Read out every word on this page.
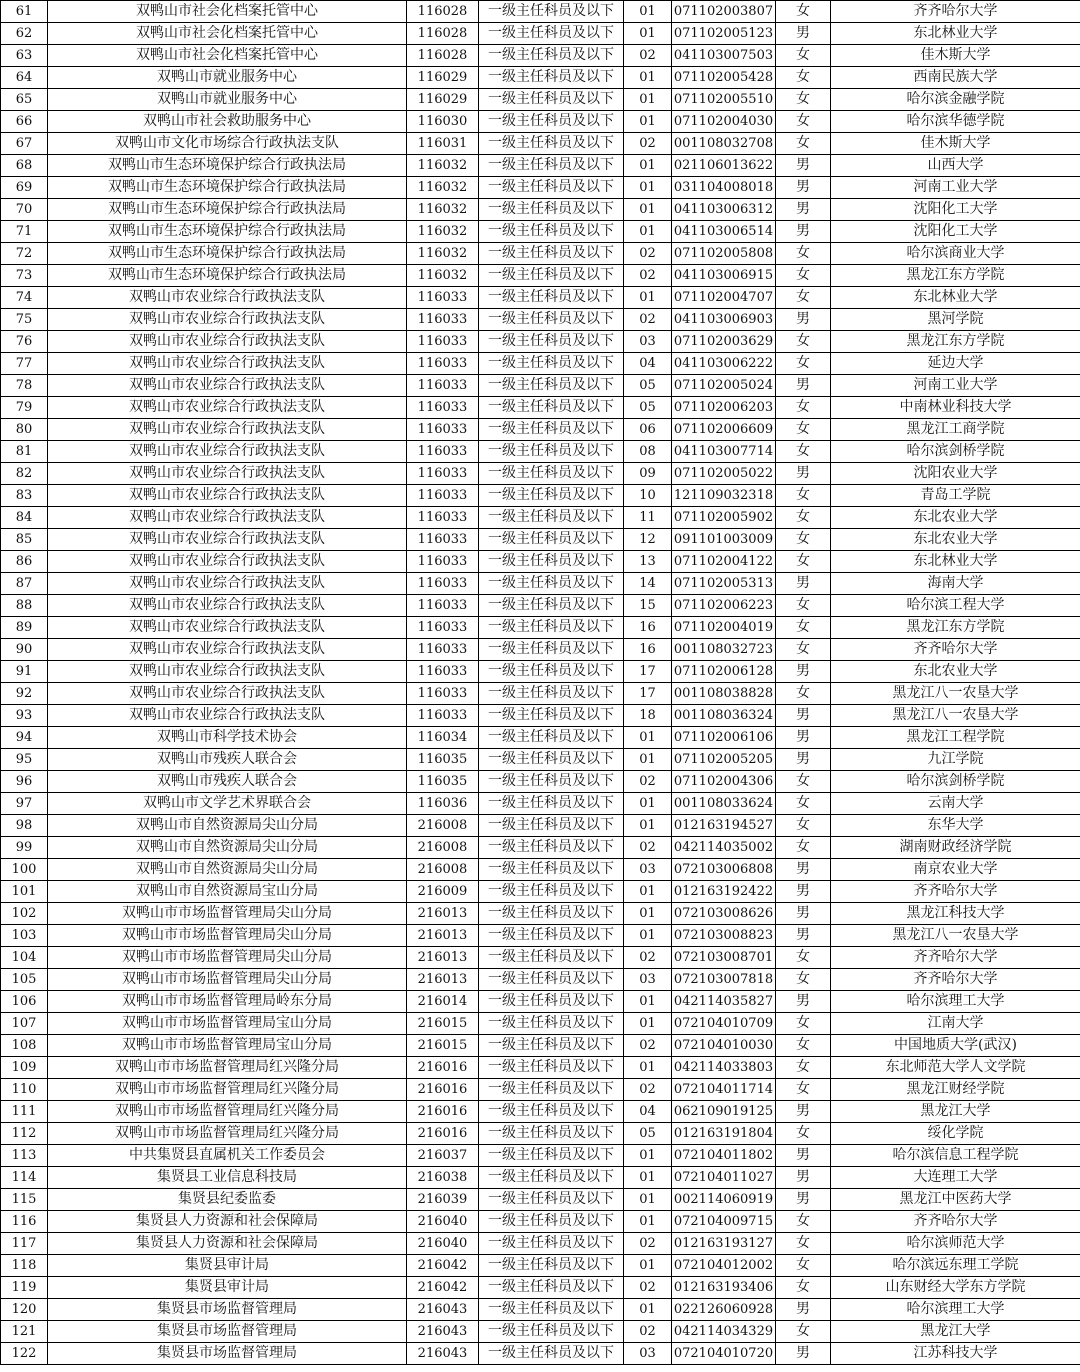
61	双鸭山市社会化档案托管中心	116028	一级主任科员及以下	01	071102003807	女	齐齐哈尔大学
62	双鸭山市社会化档案托管中心	116028	一级主任科员及以下	01	071102005123	男	东北林业大学
63	双鸭山市社会化档案托管中心	116028	一级主任科员及以下	02	041103007503	女	佳木斯大学
64	双鸭山市就业服务中心	116029	一级主任科员及以下	01	071102005428	女	西南民族大学
65	双鸭山市就业服务中心	116029	一级主任科员及以下	01	071102005510	女	哈尔滨金融学院
66	双鸭山市社会救助服务中心	116030	一级主任科员及以下	01	071102004030	女	哈尔滨华德学院
67	双鸭山市文化市场综合行政执法支队	116031	一级主任科员及以下	02	001108032708	女	佳木斯大学
68	双鸭山市生态环境保护综合行政执法局	116032	一级主任科员及以下	01	021106013622	男	山西大学
69	双鸭山市生态环境保护综合行政执法局	116032	一级主任科员及以下	01	031104008018	男	河南工业大学
70	双鸭山市生态环境保护综合行政执法局	116032	一级主任科员及以下	01	041103006312	男	沈阳化工大学
71	双鸭山市生态环境保护综合行政执法局	116032	一级主任科员及以下	01	041103006514	男	沈阳化工大学
72	双鸭山市生态环境保护综合行政执法局	116032	一级主任科员及以下	02	071102005808	女	哈尔滨商业大学
73	双鸭山市生态环境保护综合行政执法局	116032	一级主任科员及以下	02	041103006915	女	黑龙江东方学院
74	双鸭山市农业综合行政执法支队	116033	一级主任科员及以下	01	071102004707	女	东北林业大学
75	双鸭山市农业综合行政执法支队	116033	一级主任科员及以下	02	041103006903	男	黑河学院
76	双鸭山市农业综合行政执法支队	116033	一级主任科员及以下	03	071102003629	女	黑龙江东方学院
77	双鸭山市农业综合行政执法支队	116033	一级主任科员及以下	04	041103006222	女	延边大学
78	双鸭山市农业综合行政执法支队	116033	一级主任科员及以下	05	071102005024	男	河南工业大学
79	双鸭山市农业综合行政执法支队	116033	一级主任科员及以下	05	071102006203	女	中南林业科技大学
80	双鸭山市农业综合行政执法支队	116033	一级主任科员及以下	06	071102006609	女	黑龙江工商学院
81	双鸭山市农业综合行政执法支队	116033	一级主任科员及以下	08	041103007714	女	哈尔滨剑桥学院
82	双鸭山市农业综合行政执法支队	116033	一级主任科员及以下	09	071102005022	男	沈阳农业大学
83	双鸭山市农业综合行政执法支队	116033	一级主任科员及以下	10	121109032318	女	青岛工学院
84	双鸭山市农业综合行政执法支队	116033	一级主任科员及以下	11	071102005902	女	东北农业大学
85	双鸭山市农业综合行政执法支队	116033	一级主任科员及以下	12	091101003009	女	东北农业大学
86	双鸭山市农业综合行政执法支队	116033	一级主任科员及以下	13	071102004122	女	东北林业大学
87	双鸭山市农业综合行政执法支队	116033	一级主任科员及以下	14	071102005313	男	海南大学
88	双鸭山市农业综合行政执法支队	116033	一级主任科员及以下	15	071102006223	女	哈尔滨工程大学
89	双鸭山市农业综合行政执法支队	116033	一级主任科员及以下	16	071102004019	女	黑龙江东方学院
90	双鸭山市农业综合行政执法支队	116033	一级主任科员及以下	16	001108032723	女	齐齐哈尔大学
91	双鸭山市农业综合行政执法支队	116033	一级主任科员及以下	17	071102006128	男	东北农业大学
92	双鸭山市农业综合行政执法支队	116033	一级主任科员及以下	17	001108038828	女	黑龙江八一农垦大学
93	双鸭山市农业综合行政执法支队	116033	一级主任科员及以下	18	001108036324	男	黑龙江八一农垦大学
94	双鸭山市科学技术协会	116034	一级主任科员及以下	01	071102006106	男	黑龙江工程学院
95	双鸭山市残疾人联合会	116035	一级主任科员及以下	01	071102005205	男	九江学院
96	双鸭山市残疾人联合会	116035	一级主任科员及以下	02	071102004306	女	哈尔滨剑桥学院
97	双鸭山市文学艺术界联合会	116036	一级主任科员及以下	01	001108033624	女	云南大学
98	双鸭山市自然资源局尖山分局	216008	一级主任科员及以下	01	012163194527	女	东华大学
99	双鸭山市自然资源局尖山分局	216008	一级主任科员及以下	02	042114035002	女	湖南财政经济学院
100	双鸭山市自然资源局尖山分局	216008	一级主任科员及以下	03	072103006808	男	南京农业大学
101	双鸭山市自然资源局宝山分局	216009	一级主任科员及以下	01	012163192422	男	齐齐哈尔大学
102	双鸭山市市场监督管理局尖山分局	216013	一级主任科员及以下	01	072103008626	男	黑龙江科技大学
103	双鸭山市市场监督管理局尖山分局	216013	一级主任科员及以下	01	072103008823	男	黑龙江八一农垦大学
104	双鸭山市市场监督管理局尖山分局	216013	一级主任科员及以下	02	072103008701	女	齐齐哈尔大学
105	双鸭山市市场监督管理局尖山分局	216013	一级主任科员及以下	03	072103007818	女	齐齐哈尔大学
106	双鸭山市市场监督管理局岭东分局	216014	一级主任科员及以下	01	042114035827	男	哈尔滨理工大学
107	双鸭山市市场监督管理局宝山分局	216015	一级主任科员及以下	01	072104010709	女	江南大学
108	双鸭山市市场监督管理局宝山分局	216015	一级主任科员及以下	02	072104010030	女	中国地质大学(武汉)
109	双鸭山市市场监督管理局红兴隆分局	216016	一级主任科员及以下	01	042114033803	女	东北师范大学人文学院
110	双鸭山市市场监督管理局红兴隆分局	216016	一级主任科员及以下	02	072104011714	女	黑龙江财经学院
111	双鸭山市市场监督管理局红兴隆分局	216016	一级主任科员及以下	04	062109019125	男	黑龙江大学
112	双鸭山市市场监督管理局红兴隆分局	216016	一级主任科员及以下	05	012163191804	女	绥化学院
113	中共集贤县直属机关工作委员会	216037	一级主任科员及以下	01	072104011802	男	哈尔滨信息工程学院
114	集贤县工业信息科技局	216038	一级主任科员及以下	01	072104011027	男	大连理工大学
115	集贤县纪委监委	216039	一级主任科员及以下	01	002114060919	男	黑龙江中医药大学
116	集贤县人力资源和社会保障局	216040	一级主任科员及以下	01	072104009715	女	齐齐哈尔大学
117	集贤县人力资源和社会保障局	216040	一级主任科员及以下	02	012163193127	女	哈尔滨师范大学
118	集贤县审计局	216042	一级主任科员及以下	01	072104012002	女	哈尔滨远东理工学院
119	集贤县审计局	216042	一级主任科员及以下	02	012163193406	女	山东财经大学东方学院
120	集贤县市场监督管理局	216043	一级主任科员及以下	01	022126060928	男	哈尔滨理工大学
121	集贤县市场监督管理局	216043	一级主任科员及以下	02	042114034329	女	黑龙江大学
122	集贤县市场监督管理局	216043	一级主任科员及以下	03	072104010720	男	江苏科技大学
